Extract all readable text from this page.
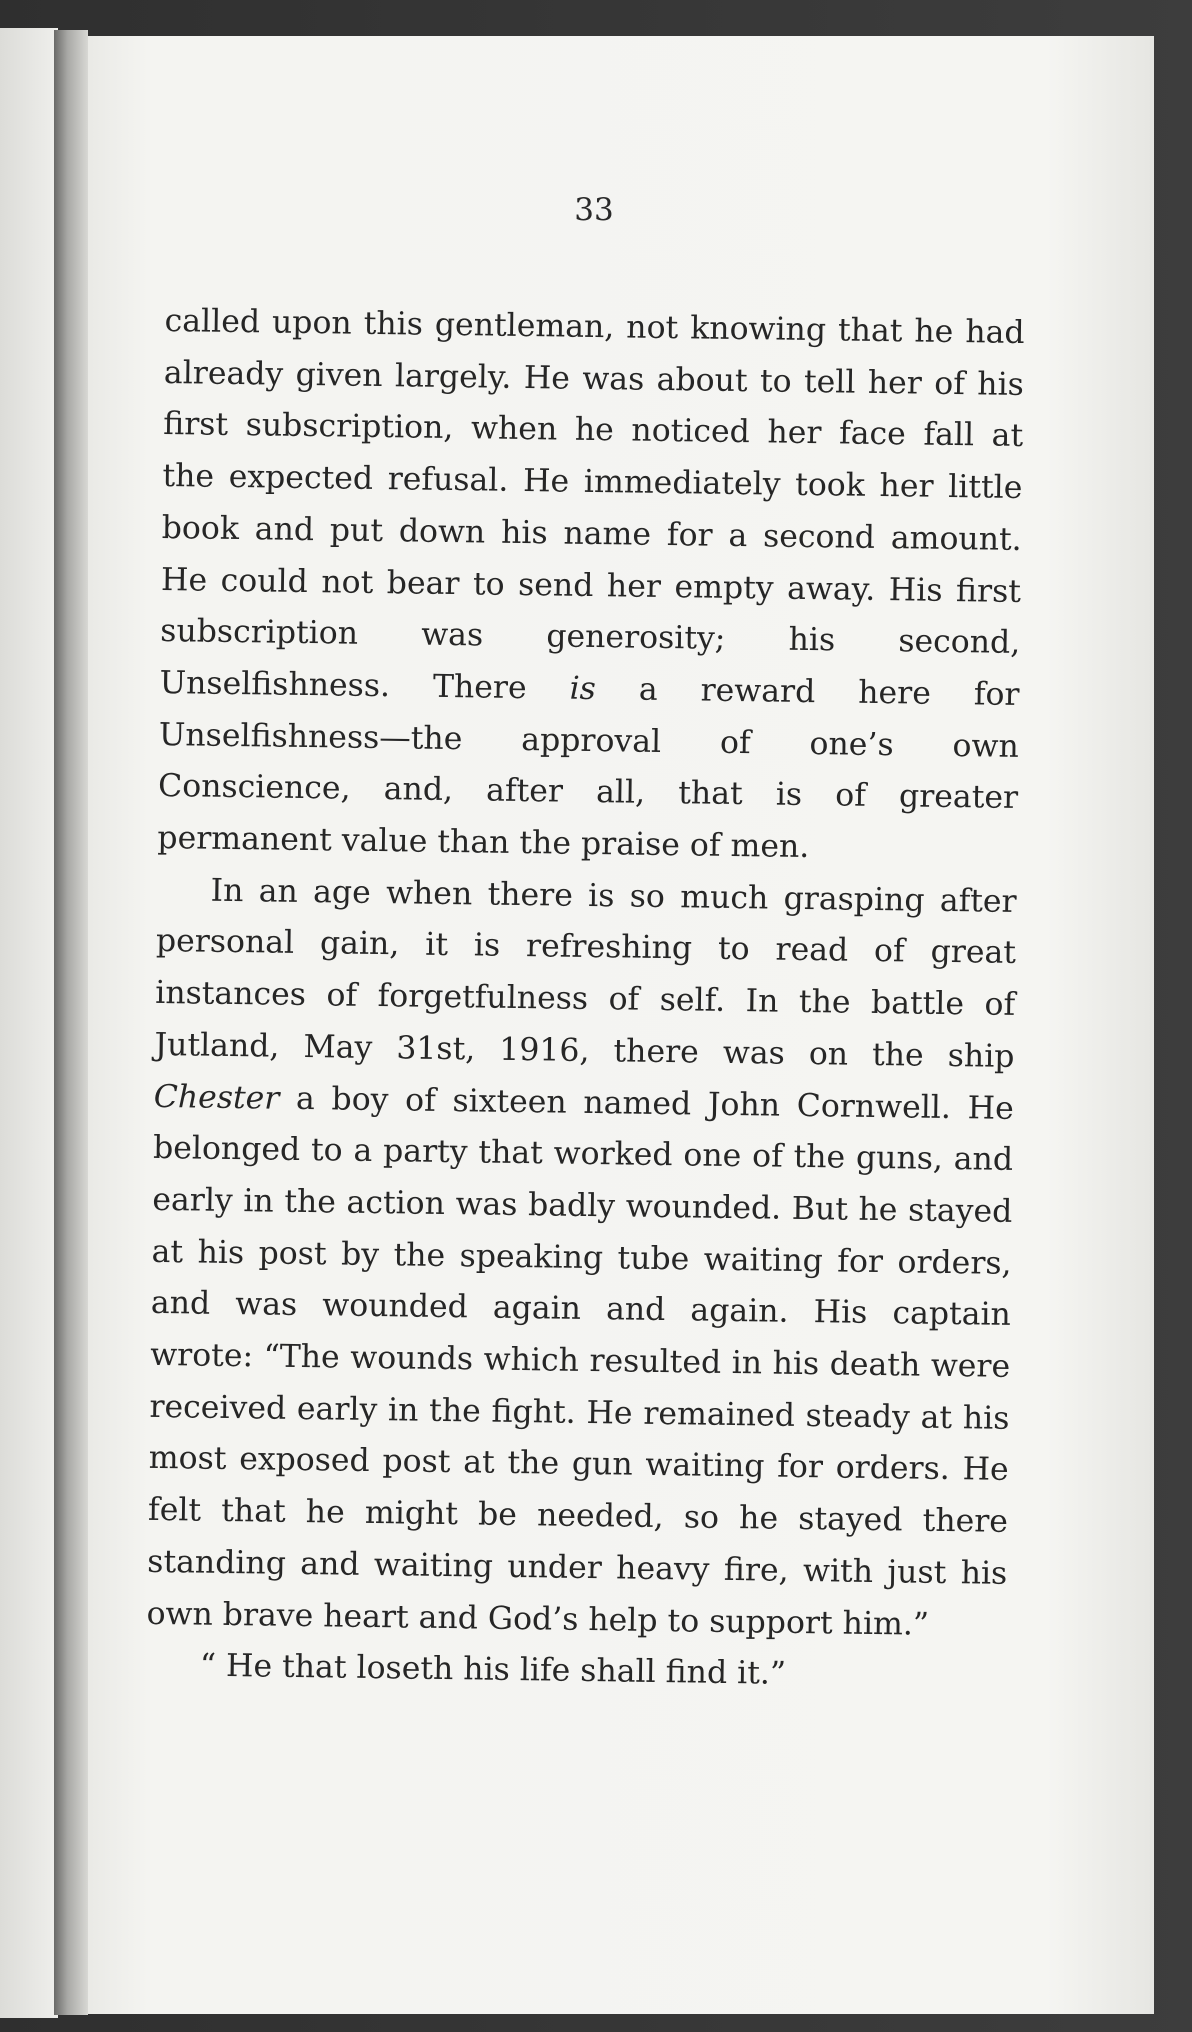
33

called upon this gentleman, not knowing that he had already given largely. He was about to tell her of his first subscription, when he noticed her face fall at the expected refusal. He immediately took her little book and put down his name for a second amount. He could not bear to send her empty away. His first subscription was generosity; his second, Unselfishness. There is a reward here for Unselfishness—the approval of one’s own Conscience, and, after all, that is of greater permanent value than the praise of men.

In an age when there is so much grasping after personal gain, it is refreshing to read of great instances of forgetfulness of self. In the battle of Jutland, May 31st, 1916, there was on the ship Chester a boy of sixteen named John Cornwell. He belonged to a party that worked one of the guns, and early in the action was badly wounded. But he stayed at his post by the speaking tube waiting for orders, and was wounded again and again. His captain wrote: “The wounds which resulted in his death were received early in the fight. He remained steady at his most exposed post at the gun waiting for orders. He felt that he might be needed, so he stayed there standing and waiting under heavy fire, with just his own brave heart and God’s help to support him.”

“ He that loseth his life shall find it.”
